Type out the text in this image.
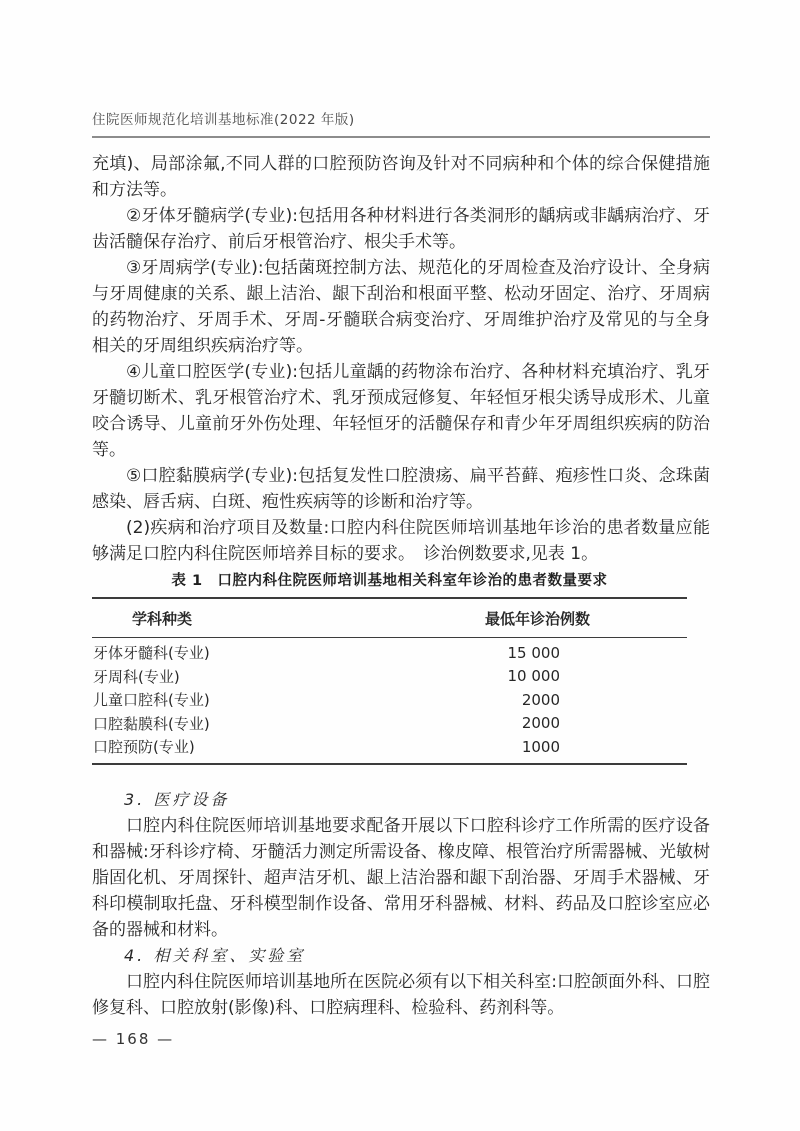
住院医师规范化培训基地标准(2022 年版)

充填)、局部涂氟,不同人群的口腔预防咨询及针对不同病种和个体的综合保健措施和方法等。

②牙体牙髓病学(专业):包括用各种材料进行各类洞形的龋病或非龋病治疗、牙齿活髓保存治疗、前后牙根管治疗、根尖手术等。

③牙周病学(专业):包括菌斑控制方法、规范化的牙周检查及治疗设计、全身病与牙周健康的关系、龈上洁治、龈下刮治和根面平整、松动牙固定、治疗、牙周病的药物治疗、牙周手术、牙周-牙髓联合病变治疗、牙周维护治疗及常见的与全身相关的牙周组织疾病治疗等。

④儿童口腔医学(专业):包括儿童龋的药物涂布治疗、各种材料充填治疗、乳牙牙髓切断术、乳牙根管治疗术、乳牙预成冠修复、年轻恒牙根尖诱导成形术、儿童咬合诱导、儿童前牙外伤处理、年轻恒牙的活髓保存和青少年牙周组织疾病的防治等。

⑤口腔黏膜病学(专业):包括复发性口腔溃疡、扁平苔藓、疱疹性口炎、念珠菌感染、唇舌病、白斑、疱性疾病等的诊断和治疗等。

(2)疾病和治疗项目及数量:口腔内科住院医师培训基地年诊治的患者数量应能够满足口腔内科住院医师培养目标的要求。　诊治例数要求,见表 1。

表 1　口腔内科住院医师培训基地相关科室年诊治的患者数量要求
学科种类	最低年诊治例数
牙体牙髓科(专业)	15 000
牙周科(专业)	10 000
儿童口腔科(专业)	2000
口腔黏膜科(专业)	2000
口腔预防(专业)	1000

3. 医疗设备

口腔内科住院医师培训基地要求配备开展以下口腔科诊疗工作所需的医疗设备和器械:牙科诊疗椅、牙髓活力测定所需设备、橡皮障、根管治疗所需器械、光敏树脂固化机、牙周探针、超声洁牙机、龈上洁治器和龈下刮治器、牙周手术器械、牙科印模制取托盘、牙科模型制作设备、常用牙科器械、材料、药品及口腔诊室应必备的器械和材料。

4. 相关科室、实验室

口腔内科住院医师培训基地所在医院必须有以下相关科室:口腔颌面外科、口腔修复科、口腔放射(影像)科、口腔病理科、检验科、药剂科等。

— 168 —
